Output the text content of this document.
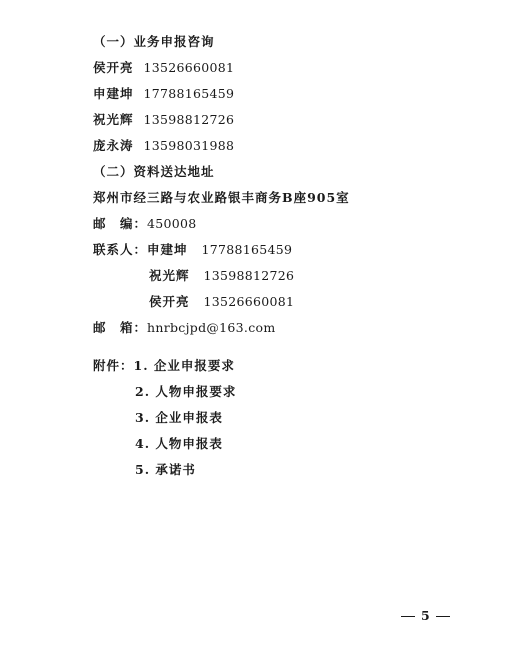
（一）业务申报咨询
侯开亮 13526660081
申建坤 17788165459
祝光辉 13598812726
庞永涛 13598031988
（二）资料送达地址
郑州市经三路与农业路银丰商务B座905室
邮　编：450008
联系人：申建坤 17788165459
祝光辉 13598812726
侯开亮 13526660081
邮　箱：hnrbcjpd@163.com
附件：1. 企业申报要求
2. 人物申报要求
3. 企业申报表
4. 人物申报表
5. 承诺书
5
